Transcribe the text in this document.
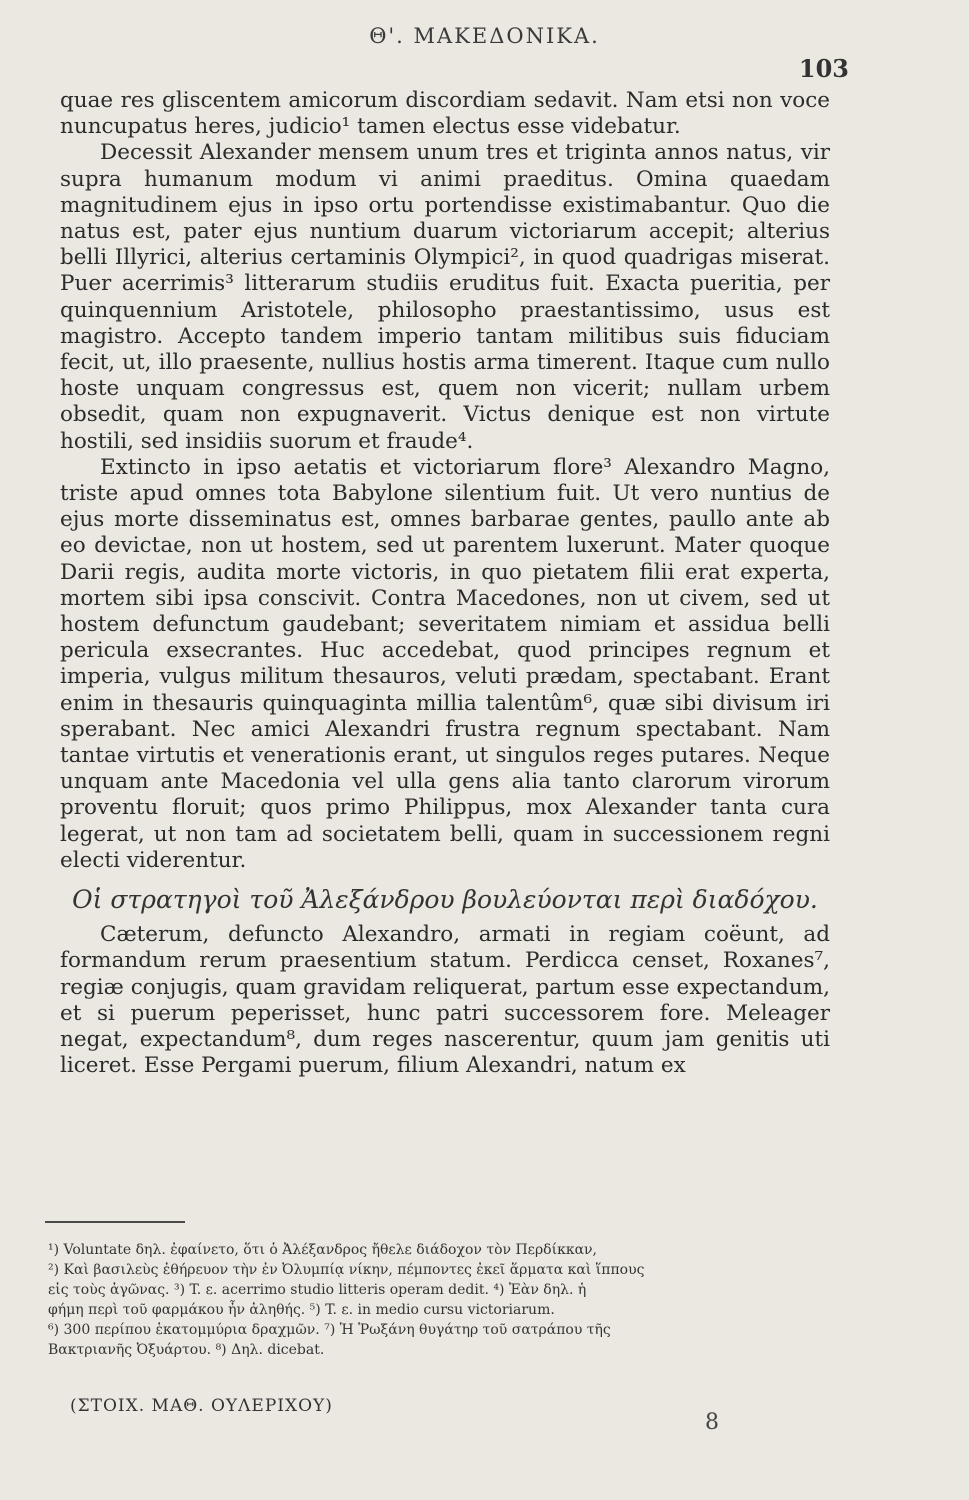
Θ'. ΜΑΚΕΔΟΝΙΚΑ.
103

quae res gliscentem amicorum discordiam sedavit. Nam etsi non voce nuncupatus heres, judicio¹ tamen electus esse videbatur.

Decessit Alexander mensem unum tres et triginta annos natus, vir supra humanum modum vi animi praeditus. Omina quaedam magnitudinem ejus in ipso ortu portendisse existimabantur. Quo die natus est, pater ejus nuntium duarum victoriarum accepit; alterius belli Illyrici, alterius certaminis Olympici², in quod quadrigas miserat. Puer acerrimis³ litterarum studiis eruditus fuit. Exacta pueritia, per quinquennium Aristotele, philosopho praestantissimo, usus est magistro. Accepto tandem imperio tantam militibus suis fiduciam fecit, ut, illo praesente, nullius hostis arma timerent. Itaque cum nullo hoste unquam congressus est, quem non vicerit; nullam urbem obsedit, quam non expugnaverit. Victus denique est non virtute hostili, sed insidiis suorum et fraude⁴.

Extincto in ipso aetatis et victoriarum flore³ Alexandro Magno, triste apud omnes tota Babylone silentium fuit. Ut vero nuntius de ejus morte disseminatus est, omnes barbarae gentes, paullo ante ab eo devictae, non ut hostem, sed ut parentem luxerunt. Mater quoque Darii regis, audita morte victoris, in quo pietatem filii erat experta, mortem sibi ipsa conscivit. Contra Macedones, non ut civem, sed ut hostem defunctum gaudebant; severitatem nimiam et assidua belli pericula exsecrantes. Huc accedebat, quod principes regnum et imperia, vulgus militum thesauros, veluti prædam, spectabant. Erant enim in thesauris quinquaginta millia talentûm⁶, quæ sibi divisum iri sperabant. Nec amici Alexandri frustra regnum spectabant. Nam tantae virtutis et venerationis erant, ut singulos reges putares. Neque unquam ante Macedonia vel ulla gens alia tanto clarorum virorum proventu floruit; quos primo Philippus, mox Alexander tanta cura legerat, ut non tam ad societatem belli, quam in successionem regni electi viderentur.

Οἱ στρατηγοὶ τοῦ Ἀλεξάνδρου βουλεύονται περὶ διαδόχου.

Cæterum, defuncto Alexandro, armati in regiam coëunt, ad formandum rerum praesentium statum. Perdicca censet, Roxanes⁷, regiæ conjugis, quam gravidam reliquerat, partum esse expectandum, et si puerum peperisset, hunc patri successorem fore. Meleager negat, expectandum⁸, dum reges nascerentur, quum jam genitis uti liceret. Esse Pergami puerum, filium Alexandri, natum ex

¹) Voluntate δηλ. ἐφαίνετο, ὅτι ὁ Ἀλέξανδρος ἤθελε διάδοχον τὸν Περδίκκαν,

²) Καὶ βασιλεὺς ἐθήρευον τὴν ἐν Ὀλυμπίᾳ νίκην, πέμποντες ἐκεῖ ἅρματα καὶ ἵππους

εἰς τοὺς ἀγῶνας. ³) T. ε. acerrimo studio litteris operam dedit. ⁴) Ἐὰν δηλ. ἡ

φήμη περὶ τοῦ φαρμάκου ἦν ἀληθής. ⁵) T. ε. in medio cursu victoriarum.

⁶) 300 περίπου ἑκατομμύρια δραχμῶν. ⁷) Ἡ Ῥωξάνη θυγάτηρ τοῦ σατράπου τῆς

Βακτριανῆς Ὀξυάρτου. ⁸) Δηλ. dicebat.

(ΣΤΟΙΧ. ΜΑΘ. ΟΥΛΕΡΙΧΟΥ)
8
